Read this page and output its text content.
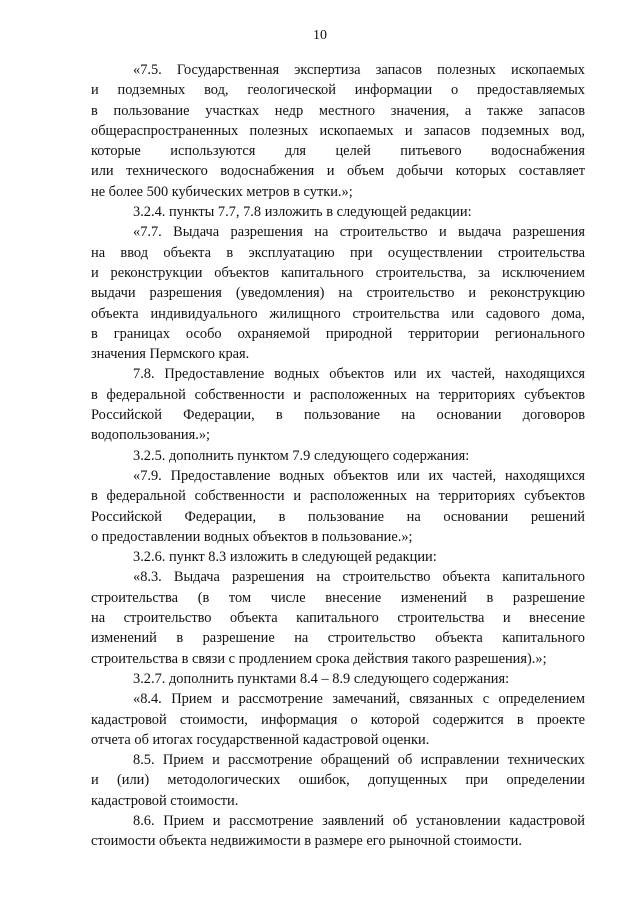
10
«7.5. Государственная экспертиза запасов полезных ископаемых
и подземных вод, геологической информации о предоставляемых
в пользование участках недр местного значения, а также запасов
общераспространенных полезных ископаемых и запасов подземных вод,
которые используются для целей питьевого водоснабжения
или технического водоснабжения и объем добычи которых составляет
не более 500 кубических метров в сутки.»;
3.2.4. пункты 7.7, 7.8 изложить в следующей редакции:
«7.7. Выдача разрешения на строительство и выдача разрешения
на ввод объекта в эксплуатацию при осуществлении строительства
и реконструкции объектов капитального строительства, за исключением
выдачи разрешения (уведомления) на строительство и реконструкцию
объекта индивидуального жилищного строительства или садового дома,
в границах особо охраняемой природной территории регионального
значения Пермского края.
7.8. Предоставление водных объектов или их частей, находящихся
в федеральной собственности и расположенных на территориях субъектов
Российской Федерации, в пользование на основании договоров
водопользования.»;
3.2.5. дополнить пунктом 7.9 следующего содержания:
«7.9. Предоставление водных объектов или их частей, находящихся
в федеральной собственности и расположенных на территориях субъектов
Российской Федерации, в пользование на основании решений
о предоставлении водных объектов в пользование.»;
3.2.6. пункт 8.3 изложить в следующей редакции:
«8.3. Выдача разрешения на строительство объекта капитального
строительства (в том числе внесение изменений в разрешение
на строительство объекта капитального строительства и внесение
изменений в разрешение на строительство объекта капитального
строительства в связи с продлением срока действия такого разрешения).»;
3.2.7. дополнить пунктами 8.4 – 8.9 следующего содержания:
«8.4. Прием и рассмотрение замечаний, связанных с определением
кадастровой стоимости, информация о которой содержится в проекте
отчета об итогах государственной кадастровой оценки.
8.5. Прием и рассмотрение обращений об исправлении технических
и (или) методологических ошибок, допущенных при определении
кадастровой стоимости.
8.6. Прием и рассмотрение заявлений об установлении кадастровой
стоимости объекта недвижимости в размере его рыночной стоимости.
